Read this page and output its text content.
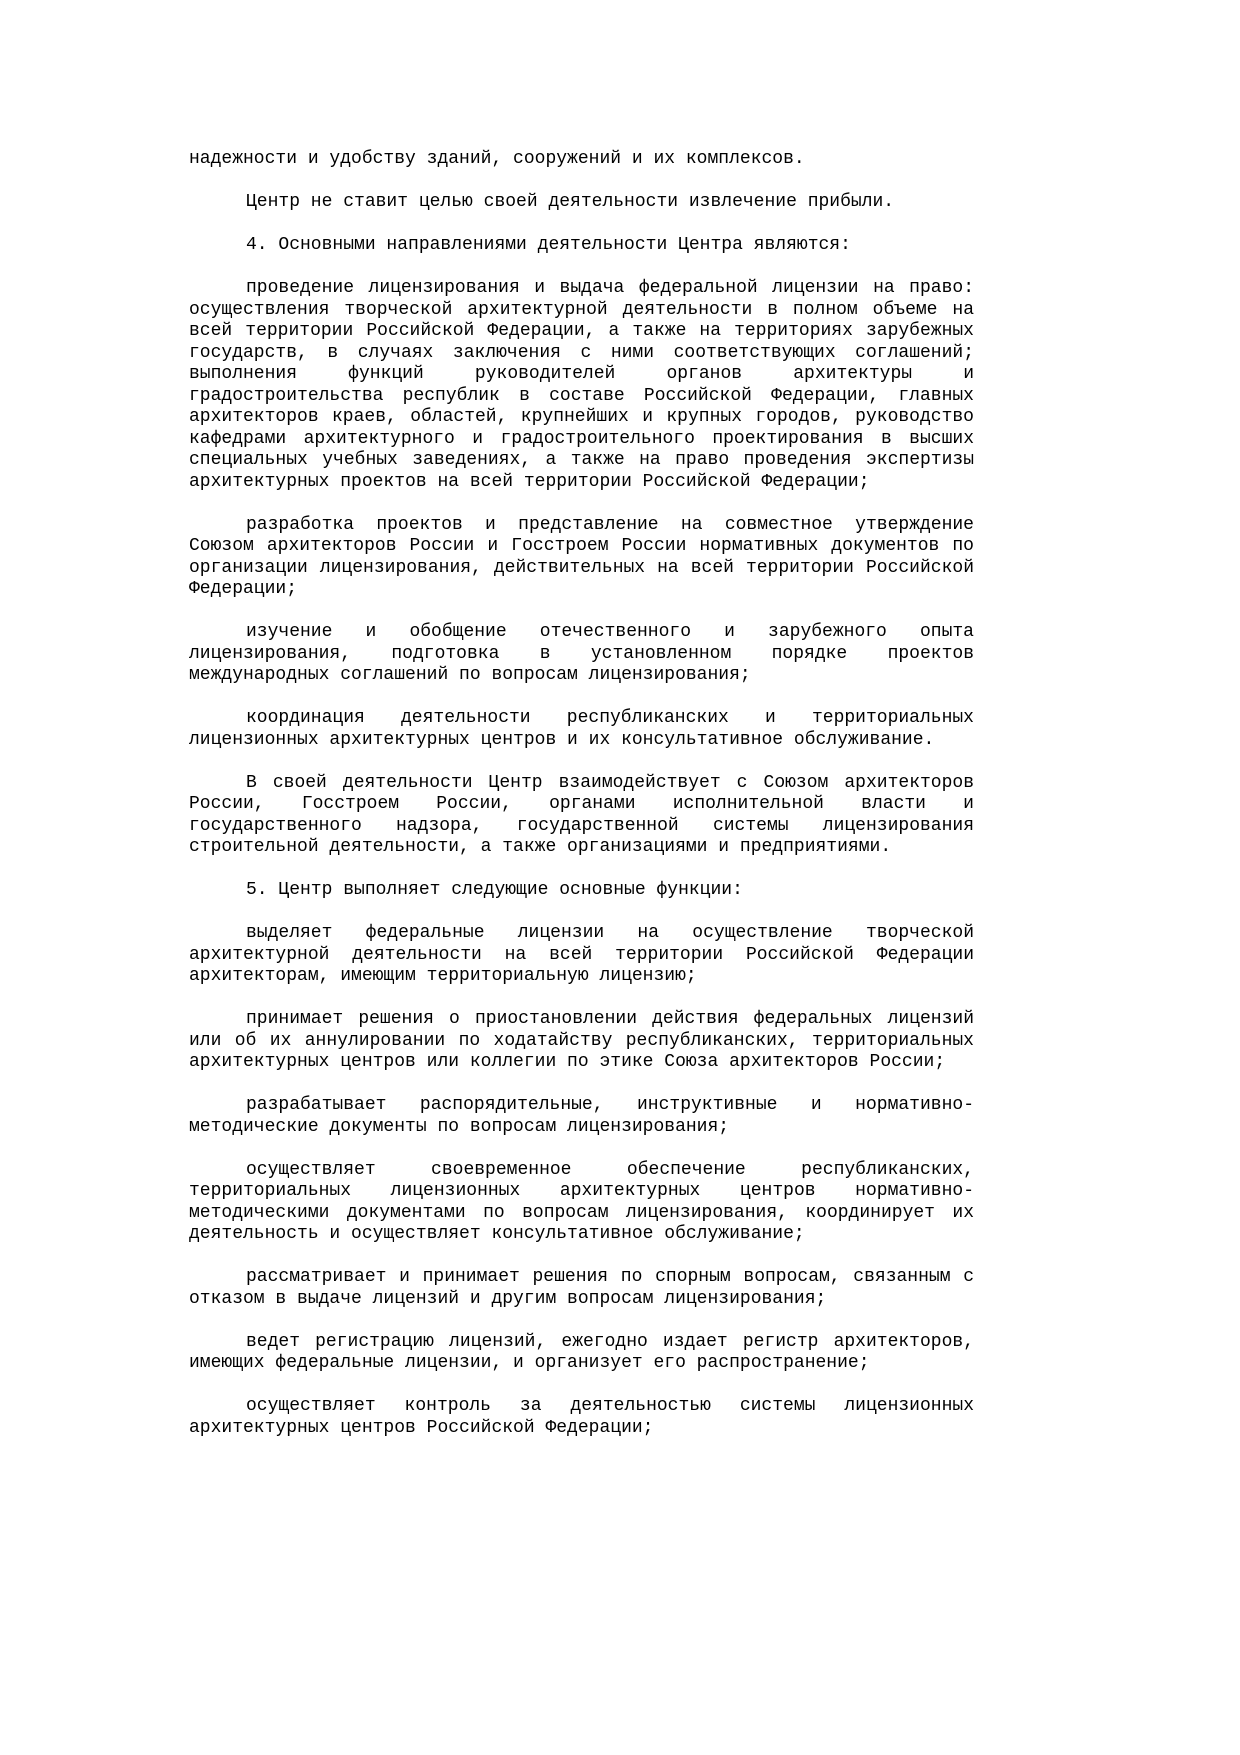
надежности и удобству зданий, сооружений и их комплексов.

Центр не ставит целью своей деятельности извлечение прибыли.

4. Основными направлениями деятельности Центра являются:

проведение лицензирования и выдача федеральной лицензии на право: осуществления творческой архитектурной деятельности в полном объеме на всей территории Российской Федерации, а также на территориях зарубежных государств, в случаях заключения с ними соответствующих соглашений; выполнения функций руководителей органов архитектуры и градостроительства республик в составе Российской Федерации, главных архитекторов краев, областей, крупнейших и крупных городов, руководство кафедрами архитектурного и градостроительного проектирования в высших специальных учебных заведениях, а также на право проведения экспертизы архитектурных проектов на всей территории Российской Федерации;

разработка проектов и представление на совместное утверждение Союзом архитекторов России и Госстроем России нормативных документов по организации лицензирования, действительных на всей территории Российской Федерации;

изучение и обобщение отечественного и зарубежного опыта лицензирования, подготовка в установленном порядке проектов международных соглашений по вопросам лицензирования;

координация деятельности республиканских и территориальных лицензионных архитектурных центров и их консультативное обслуживание.

В своей деятельности Центр взаимодействует с Союзом архитекторов России, Госстроем России, органами исполнительной власти и государственного надзора, государственной системы лицензирования строительной деятельности, а также организациями и предприятиями.

5. Центр выполняет следующие основные функции:

выделяет федеральные лицензии на осуществление творческой архитектурной деятельности на всей территории Российской Федерации архитекторам, имеющим территориальную лицензию;

принимает решения о приостановлении действия федеральных лицензий или об их аннулировании по ходатайству республиканских, территориальных архитектурных центров или коллегии по этике Союза архитекторов России;

разрабатывает распорядительные, инструктивные и нормативно-методические документы по вопросам лицензирования;

осуществляет своевременное обеспечение республиканских, территориальных лицензионных архитектурных центров нормативно-методическими документами по вопросам лицензирования, координирует их деятельность и осуществляет консультативное обслуживание;

рассматривает и принимает решения по спорным вопросам, связанным с отказом в выдаче лицензий и другим вопросам лицензирования;

ведет регистрацию лицензий, ежегодно издает регистр архитекторов, имеющих федеральные лицензии, и организует его распространение;

осуществляет контроль за деятельностью системы лицензионных архитектурных центров Российской Федерации;
